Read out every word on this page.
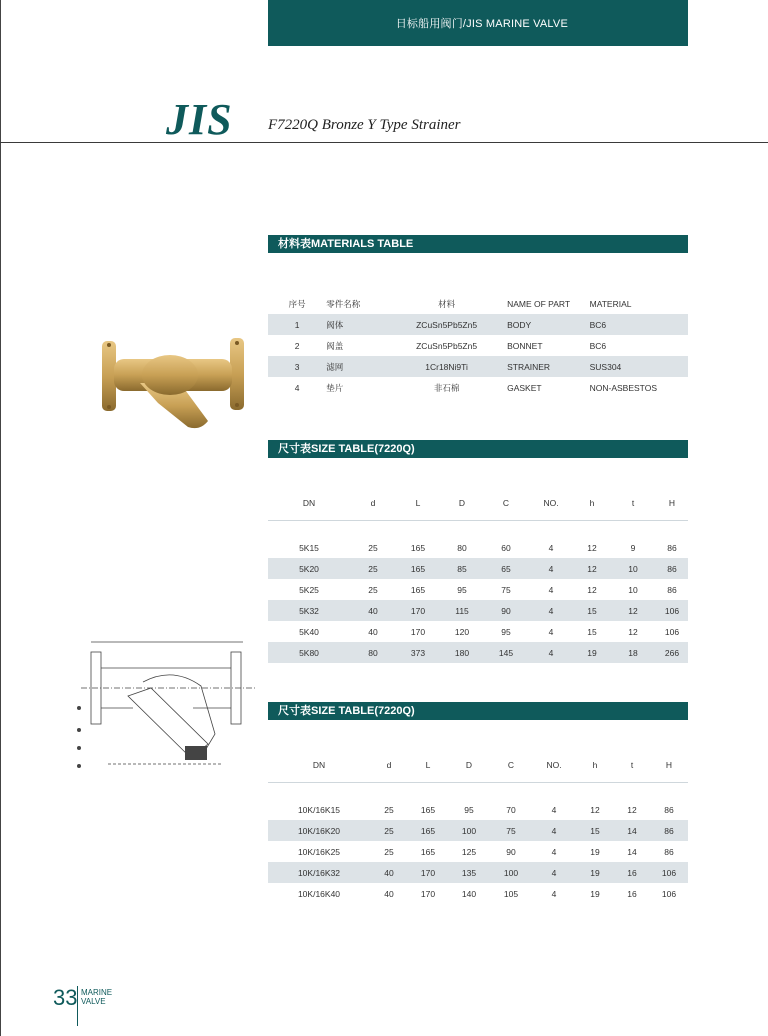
日标船用阀门/JIS MARINE VALVE
JIS F7220Q Bronze Y Type Strainer
材料表MATERIALS TABLE
序号	零件名称	材料	NAME OF PART	MATERIAL
1	阀体	ZCuSn5Pb5Zn5	BODY	BC6
2	阀盖	ZCuSn5Pb5Zn5	BONNET	BC6
3	滤网	1Cr18Ni9Ti	STRAINER	SUS304
4	垫片	非石棉	GASKET	NON-ASBESTOS
尺寸表SIZE TABLE(7220Q)
DN	d	L	D	C	NO.	h	t	H

5K15	25	165	80	60	4	12	9	86
5K20	25	165	85	65	4	12	10	86
5K25	25	165	95	75	4	12	10	86
5K32	40	170	115	90	4	15	12	106
5K40	40	170	120	95	4	15	12	106
5K80	80	373	180	145	4	19	18	266
尺寸表SIZE TABLE(7220Q)
DN	d	L	D	C	NO.	h	t	H

10K/16K15	25	165	95	70	4	12	12	86
10K/16K20	25	165	100	75	4	15	14	86
10K/16K25	25	165	125	90	4	19	14	86
10K/16K32	40	170	135	100	4	19	16	106
10K/16K40	40	170	140	105	4	19	16	106
33 MARINE
VALVE
